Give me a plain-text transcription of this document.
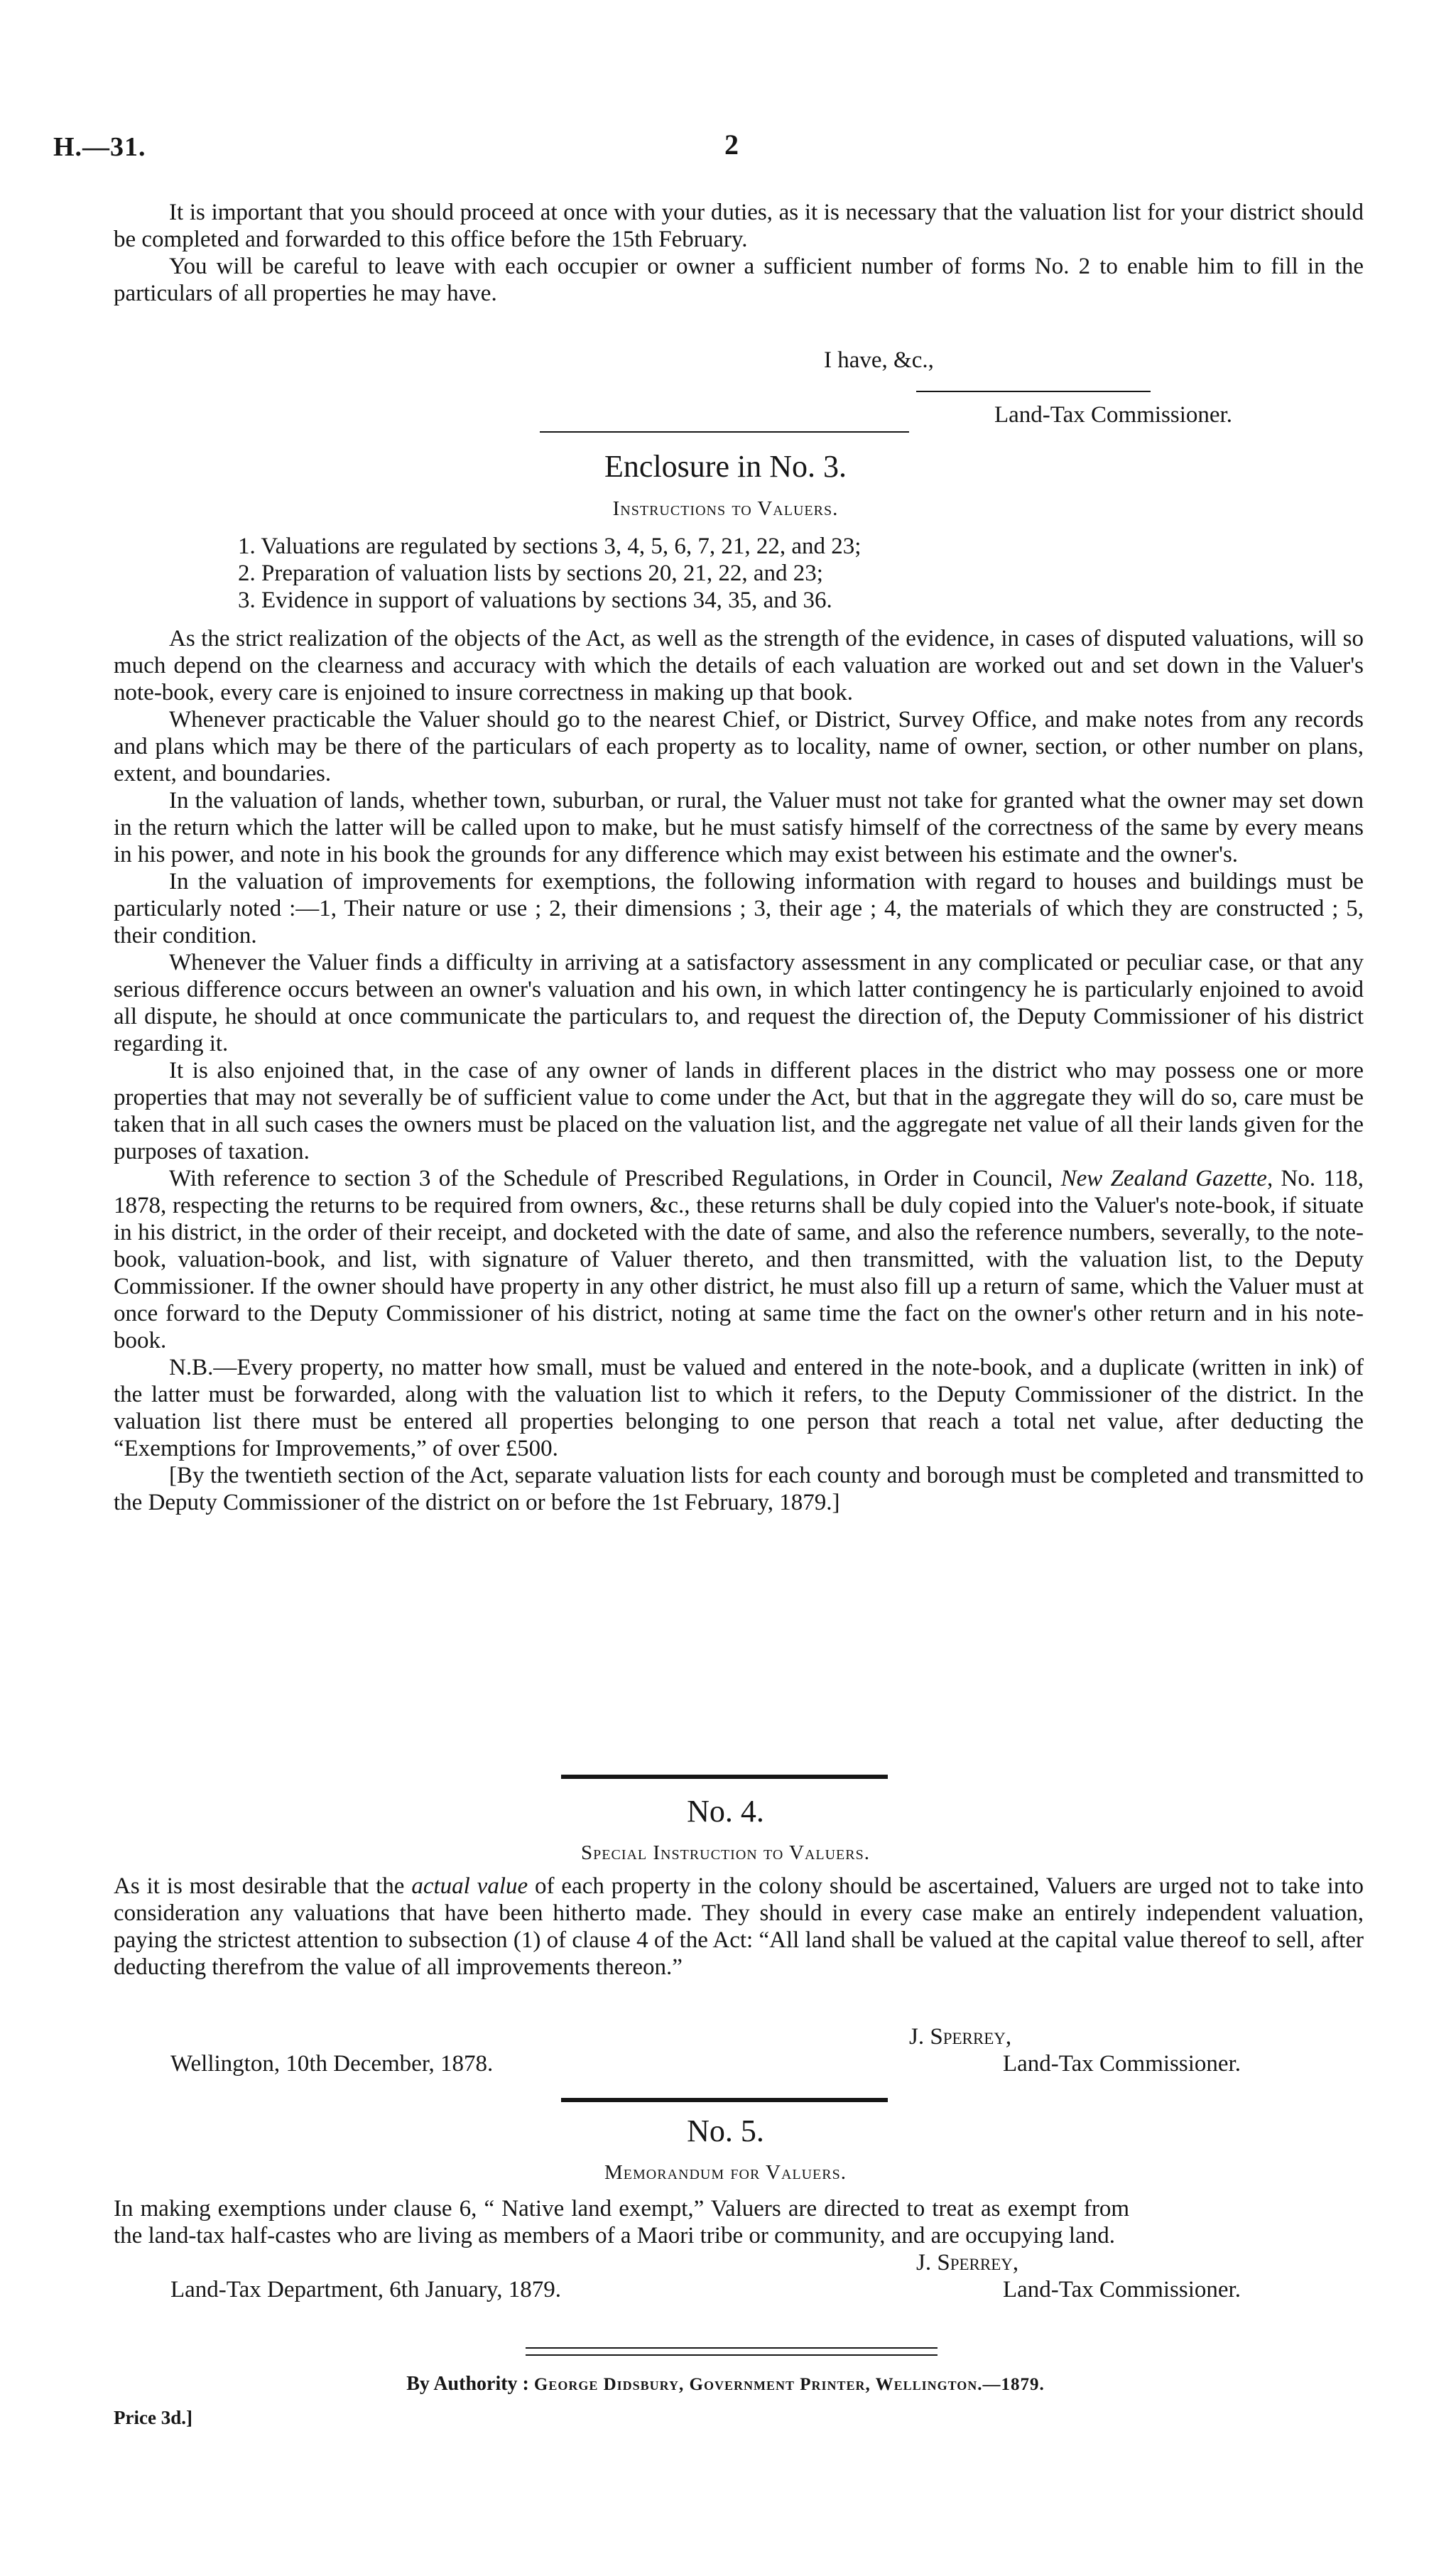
H.—31.	2

It is important that you should proceed at once with your duties, as it is necessary that the valuation list for your district should be completed and forwarded to this office before the 15th February.

You will be careful to leave with each occupier or owner a sufficient number of forms No. 2 to enable him to fill in the particulars of all properties he may have.

I have, &c.,
Land-Tax Commissioner.
Enclosure in No. 3.
Instructions to Valuers.
1. Valuations are regulated by sections 3, 4, 5, 6, 7, 21, 22, and 23;
2. Preparation of valuation lists by sections 20, 21, 22, and 23;
3. Evidence in support of valuations by sections 34, 35, and 36.

As the strict realization of the objects of the Act, as well as the strength of the evidence, in cases of disputed valuations, will so much depend on the clearness and accuracy with which the details of each valuation are worked out and set down in the Valuer's note-book, every care is enjoined to insure correctness in making up that book.

Whenever practicable the Valuer should go to the nearest Chief, or District, Survey Office, and make notes from any records and plans which may be there of the particulars of each property as to locality, name of owner, section, or other number on plans, extent, and boundaries.

In the valuation of lands, whether town, suburban, or rural, the Valuer must not take for granted what the owner may set down in the return which the latter will be called upon to make, but he must satisfy himself of the correctness of the same by every means in his power, and note in his book the grounds for any difference which may exist between his estimate and the owner's.

In the valuation of improvements for exemptions, the following information with regard to houses and buildings must be particularly noted :—1, Their nature or use ; 2, their dimensions ; 3, their age ; 4, the materials of which they are constructed ; 5, their condition.

Whenever the Valuer finds a difficulty in arriving at a satisfactory assessment in any complicated or peculiar case, or that any serious difference occurs between an owner's valuation and his own, in which latter contingency he is particularly enjoined to avoid all dispute, he should at once communicate the particulars to, and request the direction of, the Deputy Commissioner of his district regarding it.

It is also enjoined that, in the case of any owner of lands in different places in the district who may possess one or more properties that may not severally be of sufficient value to come under the Act, but that in the aggregate they will do so, care must be taken that in all such cases the owners must be placed on the valuation list, and the aggregate net value of all their lands given for the purposes of taxation.

With reference to section 3 of the Schedule of Prescribed Regulations, in Order in Council, New Zealand Gazette, No. 118, 1878, respecting the returns to be required from owners, &c., these returns shall be duly copied into the Valuer's note-book, if situate in his district, in the order of their receipt, and docketed with the date of same, and also the reference numbers, severally, to the note-book, valuation-book, and list, with signature of Valuer thereto, and then transmitted, with the valuation list, to the Deputy Commissioner. If the owner should have property in any other district, he must also fill up a return of same, which the Valuer must at once forward to the Deputy Commissioner of his district, noting at same time the fact on the owner's other return and in his note-book.

N.B.—Every property, no matter how small, must be valued and entered in the note-book, and a duplicate (written in ink) of the latter must be forwarded, along with the valuation list to which it refers, to the Deputy Commissioner of the district. In the valuation list there must be entered all properties belonging to one person that reach a total net value, after deducting the “Exemptions for Improvements,” of over £500.

[By the twentieth section of the Act, separate valuation lists for each county and borough must be completed and transmitted to the Deputy Commissioner of the district on or before the 1st February, 1879.]

No. 4.
Special Instruction to Valuers.

As it is most desirable that the actual value of each property in the colony should be ascertained, Valuers are urged not to take into consideration any valuations that have been hitherto made. They should in every case make an entirely independent valuation, paying the strictest attention to subsection (1) of clause 4 of the Act: “All land shall be valued at the capital value thereof to sell, after deducting therefrom the value of all improvements thereon.”

J. Sperrey,
Wellington, 10th December, 1878.	Land-Tax Commissioner.
No. 5.
Memorandum for Valuers.

In making exemptions under clause 6, “ Native land exempt,” Valuers are directed to treat as exempt from the land-tax half-castes who are living as members of a Maori tribe or community, and are occupying land.

J. Sperrey,
Land-Tax Department, 6th January, 1879.	Land-Tax Commissioner.
By Authority : George Didsbury, Government Printer, Wellington.—1879.
Price 3d.]
